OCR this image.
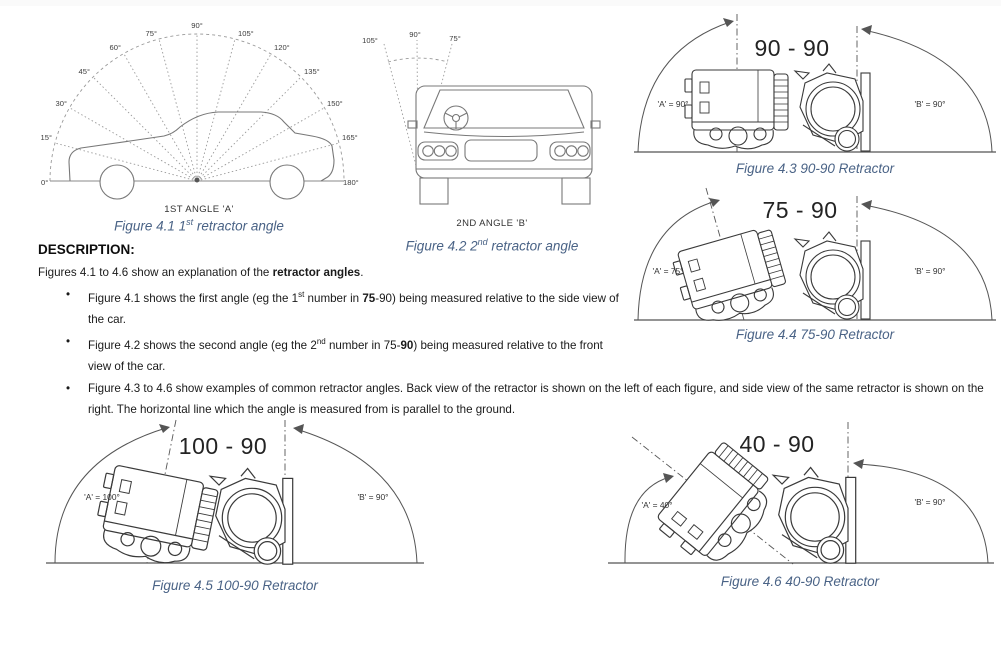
0°
15°
30°
45°
60°
75°
90°
105°
120°
135°
150°
165°
180°
1ST ANGLE 'A'
Figure 4.1 1st retractor angle
105°
90°	75°
2ND ANGLE 'B'
Figure 4.2 2nd retractor angle
90 - 90
'A' = 90°	'B' = 90°
Figure 4.3 90-90 Retractor
75 - 90
'A' = 75°	'B' = 90°
Figure 4.4 75-90 Retractor
100 - 90
'A' = 100°	'B' = 90°
Figure 4.5 100-90 Retractor
40 - 90
'A' = 40°	'B' = 90°
Figure 4.6 40-90 Retractor
DESCRIPTION:

Figures 4.1 to 4.6 show an explanation of the retractor angles.

•	Figure 4.1 shows the first angle (eg the 1st number in 75-90) being measured relative to the side view of the car.
•	Figure 4.2 shows the second angle (eg the 2nd number in 75-90) being measured relative to the front view of the car.
•	Figure 4.3 to 4.6 show examples of common retractor angles. Back view of the retractor is shown on the left of each figure, and side view of the same retractor is shown on the right. The horizontal line which the angle is measured from is parallel to the ground.
